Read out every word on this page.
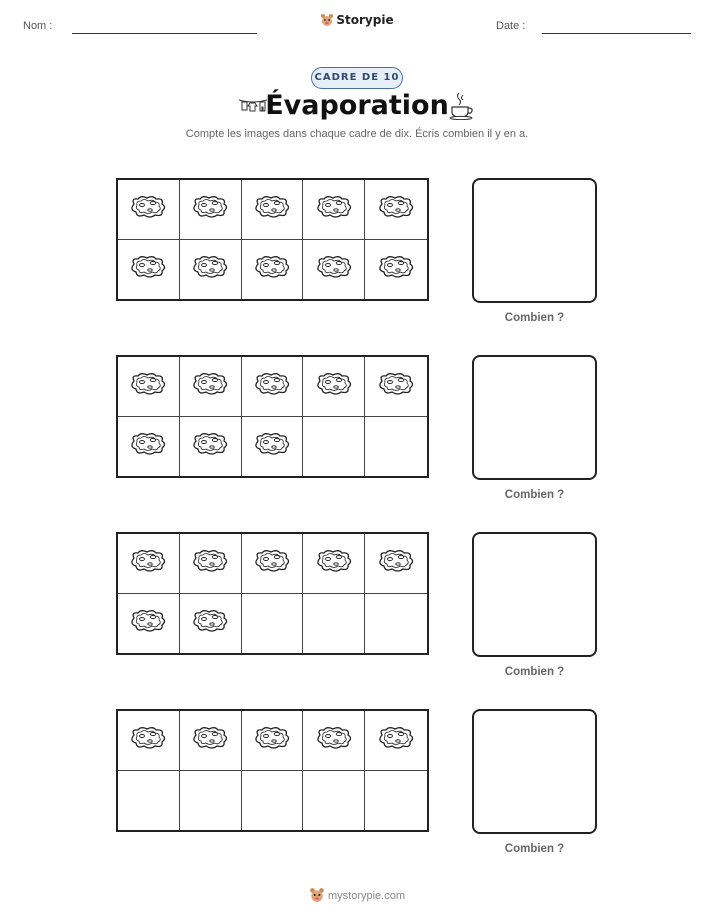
Nom :	Storypie	Date :
CADRE DE 10
Évaporation
Compte les images dans chaque cadre de dix. Écris combien il y en a.
Combien ?
Combien ?
Combien ?
Combien ?
mystorypie.com
